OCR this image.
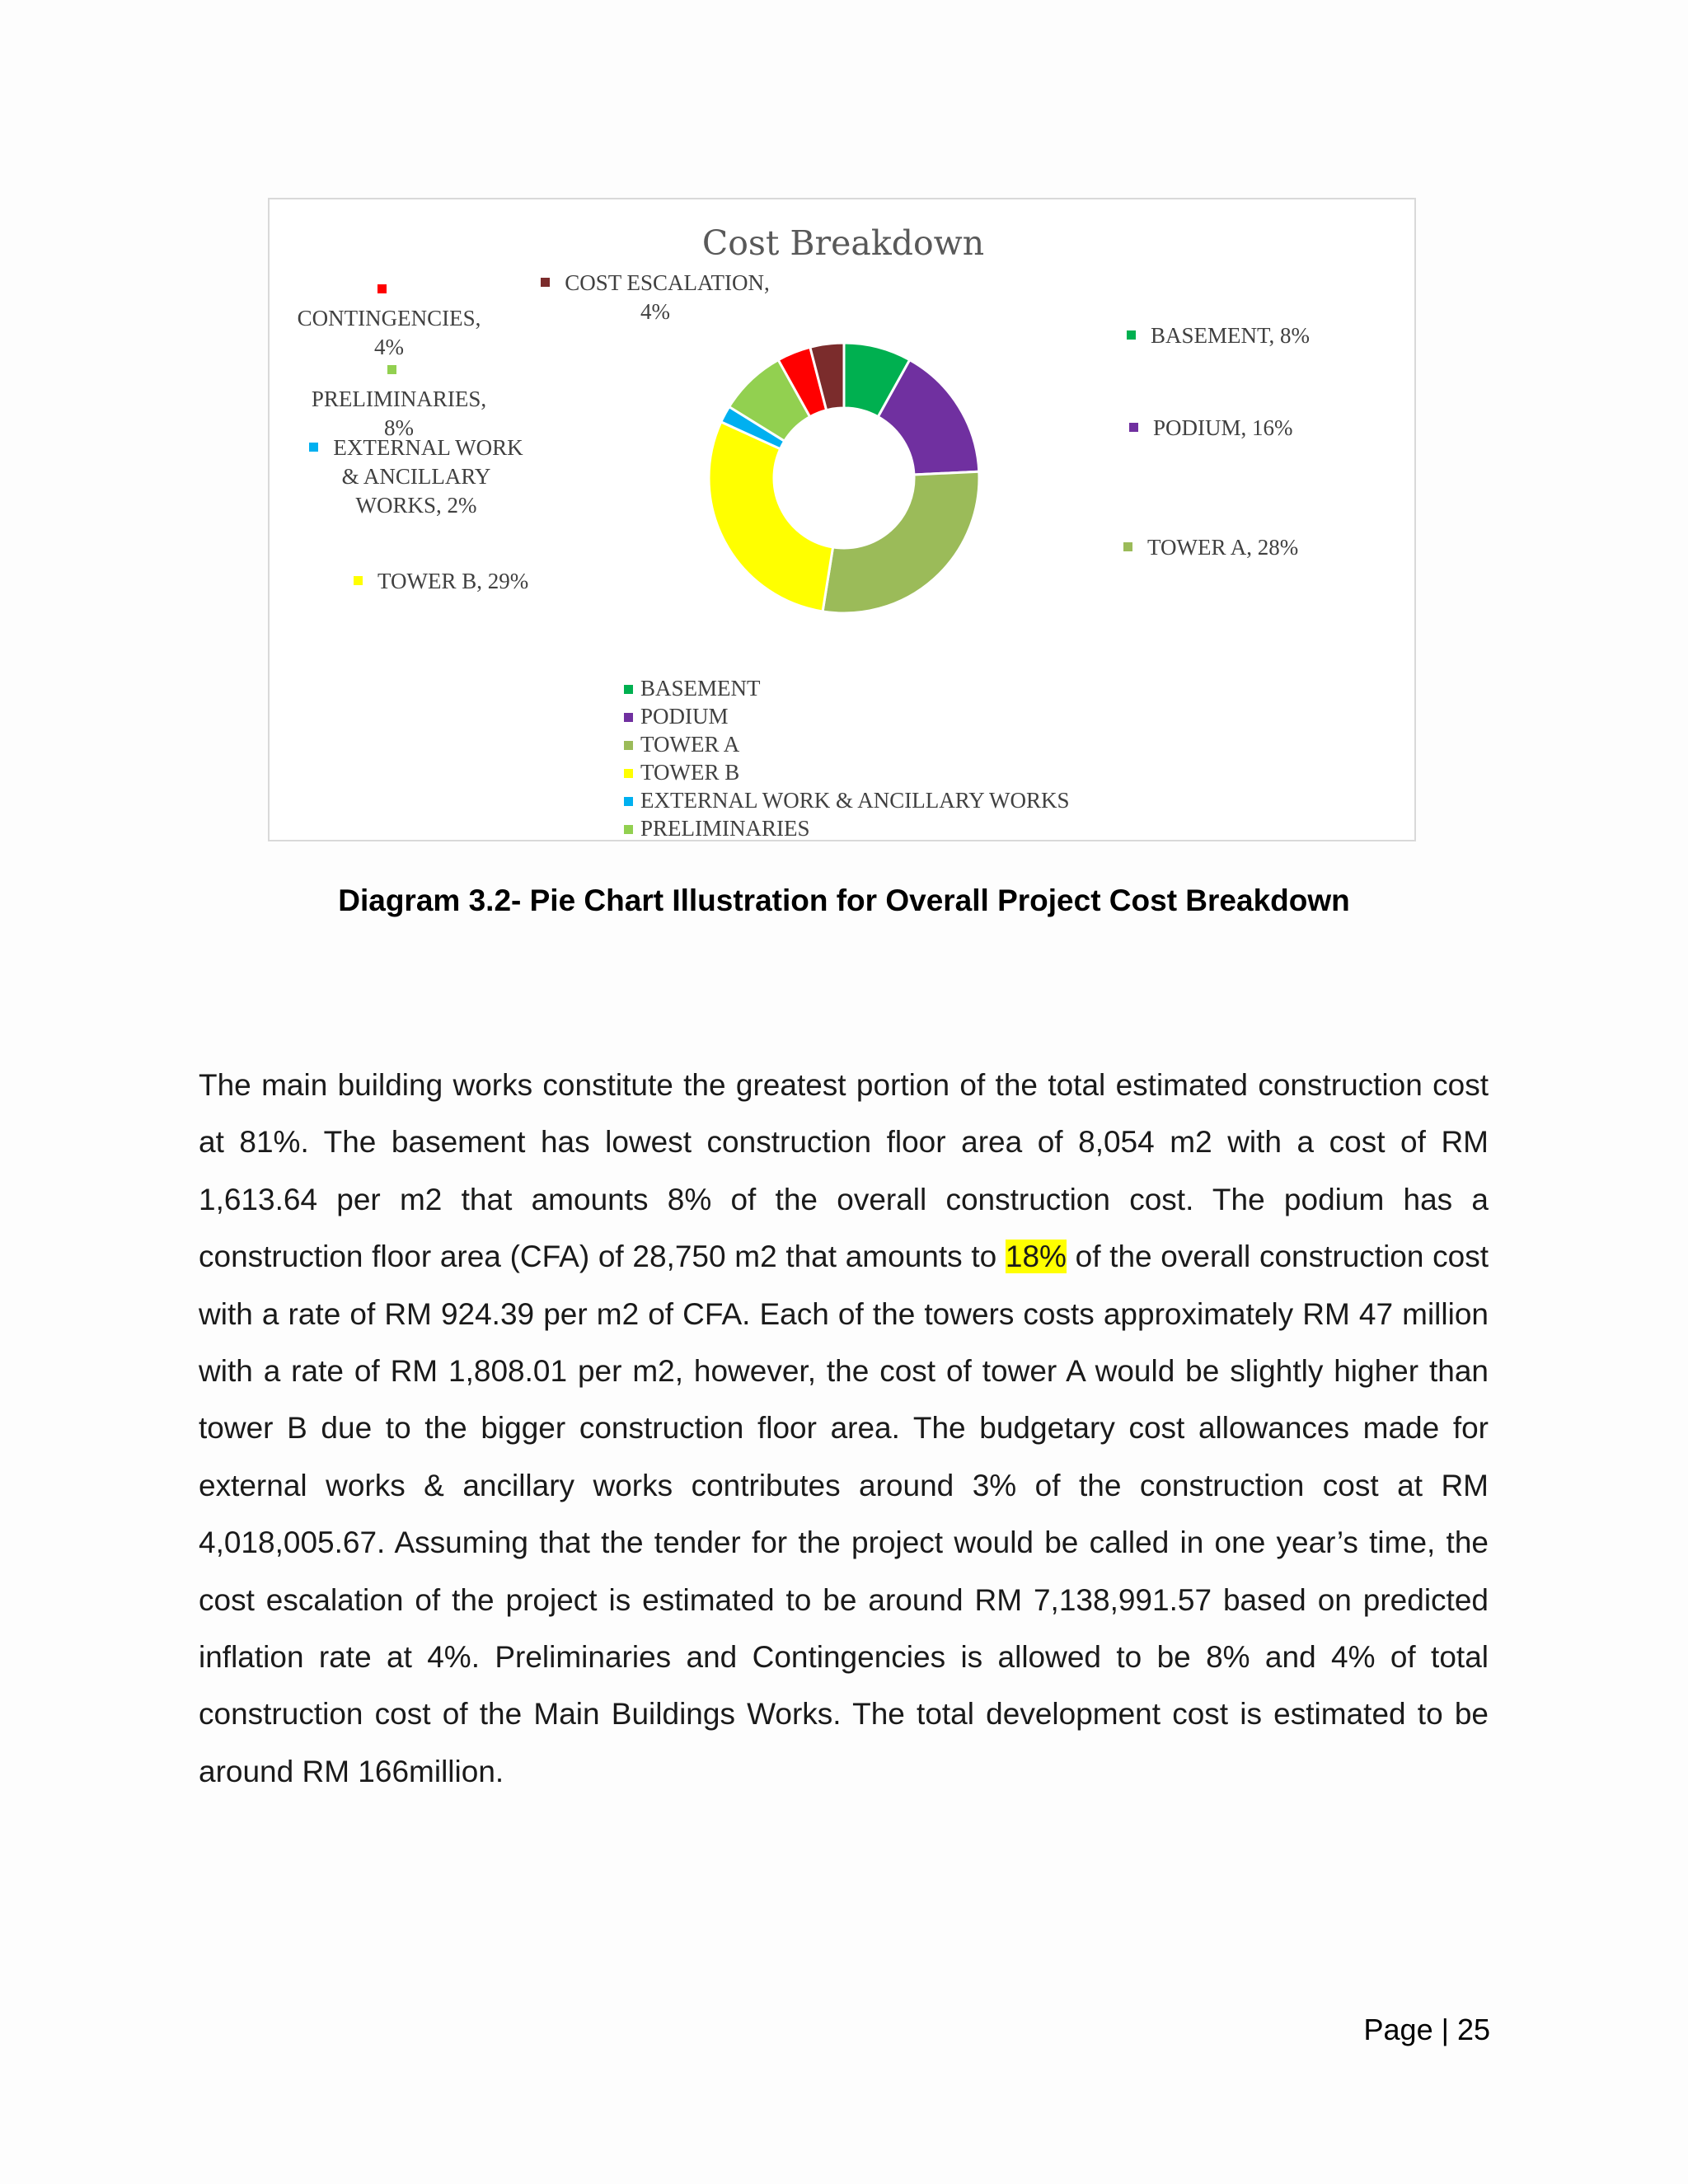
Cost Breakdown
CONTINGENCIES,
4%
COST ESCALATION,
4%
BASEMENT, 8%
PRELIMINARIES,
8%	PODIUM, 16%
EXTERNAL WORK
& ANCILLARY
WORKS, 2%
TOWER A, 28%
TOWER B, 29%
BASEMENT
PODIUM
TOWER A
TOWER B
EXTERNAL WORK & ANCILLARY WORKS
PRELIMINARIES
Diagram 3.2- Pie Chart Illustration for Overall Project Cost Breakdown
The main building works constitute the greatest portion of the total estimated construction cost at 81%. The basement has lowest construction floor area of 8,054 m2 with a cost of RM 1,613.64 per m2 that amounts 8% of the overall construction cost. The podium has a construction floor area (CFA) of 28,750 m2 that amounts to 18% of the overall construction cost with a rate of RM 924.39 per m2 of CFA. Each of the towers costs approximately RM 47 million with a rate of RM 1,808.01 per m2, however, the cost of tower A would be slightly higher than tower B due to the bigger construction floor area. The budgetary cost allowances made for external works & ancillary works contributes around 3% of the construction cost at RM 4,018,005.67. Assuming that the tender for the project would be called in one year’s time, the cost escalation of the project is estimated to be around RM 7,138,991.57 based on predicted inflation rate at 4%. Preliminaries and Contingencies is allowed to be 8% and 4% of total construction cost of the Main Buildings Works. The total development cost is estimated to be around RM 166million.
Page | 25
